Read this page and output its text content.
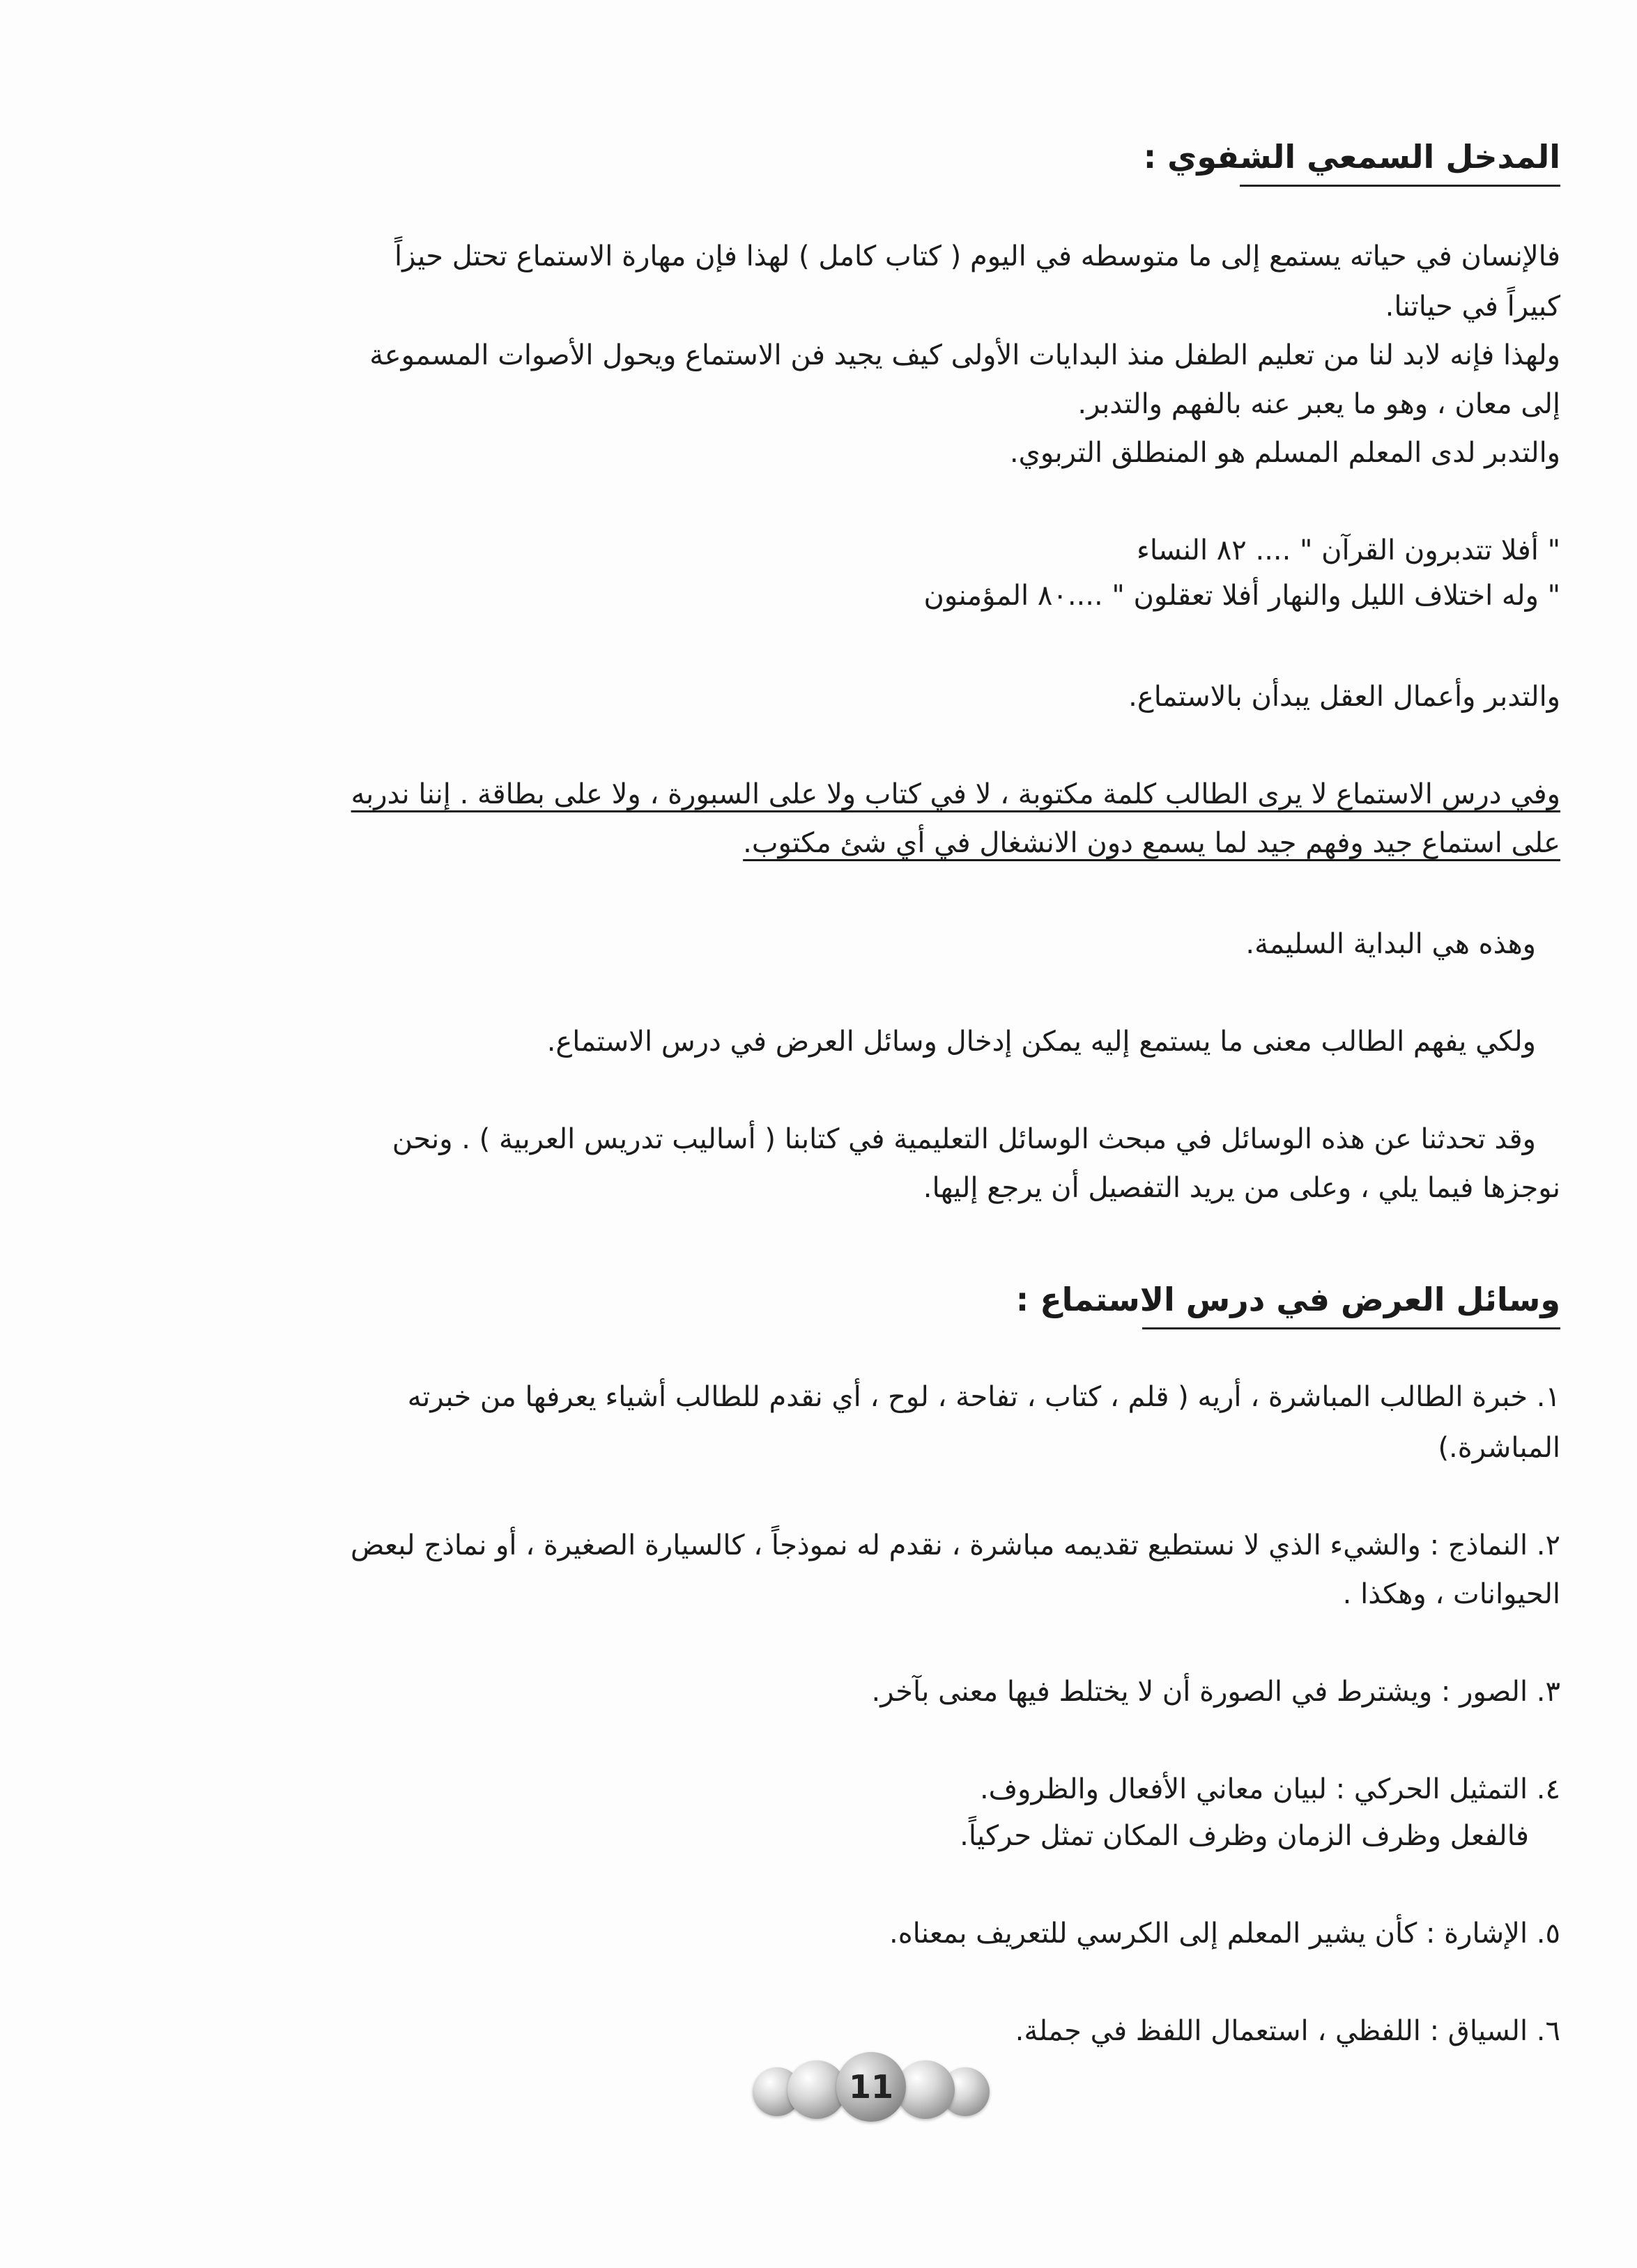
المدخل السمعي الشفوي :
فالإنسان في حياته يستمع إلى ما متوسطه في اليوم ( كتاب كامل ) لهذا فإن مهارة الاستماع تحتل حيزاً
كبيراً في حياتنا.
ولهذا فإنه لابد لنا من تعليم الطفل منذ البدايات الأولى كيف يجيد فن الاستماع ويحول الأصوات المسموعة
إلى معان ، وهو ما يعبر عنه بالفهم والتدبر.
والتدبر لدى المعلم المسلم هو المنطلق التربوي.
" أفلا تتدبرون القرآن " .... ٨٢ النساء
" وله اختلاف الليل والنهار أفلا تعقلون " ....٨٠ المؤمنون
والتدبر وأعمال العقل يبدأن بالاستماع.
وفي درس الاستماع لا يرى الطالب كلمة مكتوبة ، لا في كتاب ولا على السبورة ، ولا على بطاقة . إننا ندربه
على استماع جيد وفهم جيد لما يسمع دون الانشغال في أي شئ مكتوب.
وهذه هي البداية السليمة.
ولكي يفهم الطالب معنى ما يستمع إليه يمكن إدخال وسائل العرض في درس الاستماع.
وقد تحدثنا عن هذه الوسائل في مبحث الوسائل التعليمية في كتابنا ( أساليب تدريس العربية ) . ونحن
نوجزها فيما يلي ، وعلى من يريد التفصيل أن يرجع إليها.
وسائل العرض في درس الاستماع :
١. خبرة الطالب المباشرة ، أريه ( قلم ، كتاب ، تفاحة ، لوح ، أي نقدم للطالب أشياء يعرفها من خبرته
المباشرة.)
٢. النماذج : والشيء الذي لا نستطيع تقديمه مباشرة ، نقدم له نموذجاً ، كالسيارة الصغيرة ، أو نماذج لبعض
الحيوانات ، وهكذا .
٣. الصور : ويشترط في الصورة أن لا يختلط فيها معنى بآخر.
٤. التمثيل الحركي : لبيان معاني الأفعال والظروف.
فالفعل وظرف الزمان وظرف المكان تمثل حركياً.
٥. الإشارة : كأن يشير المعلم إلى الكرسي للتعريف بمعناه.
٦. السياق : اللفظي ، استعمال اللفظ في جملة.
11
